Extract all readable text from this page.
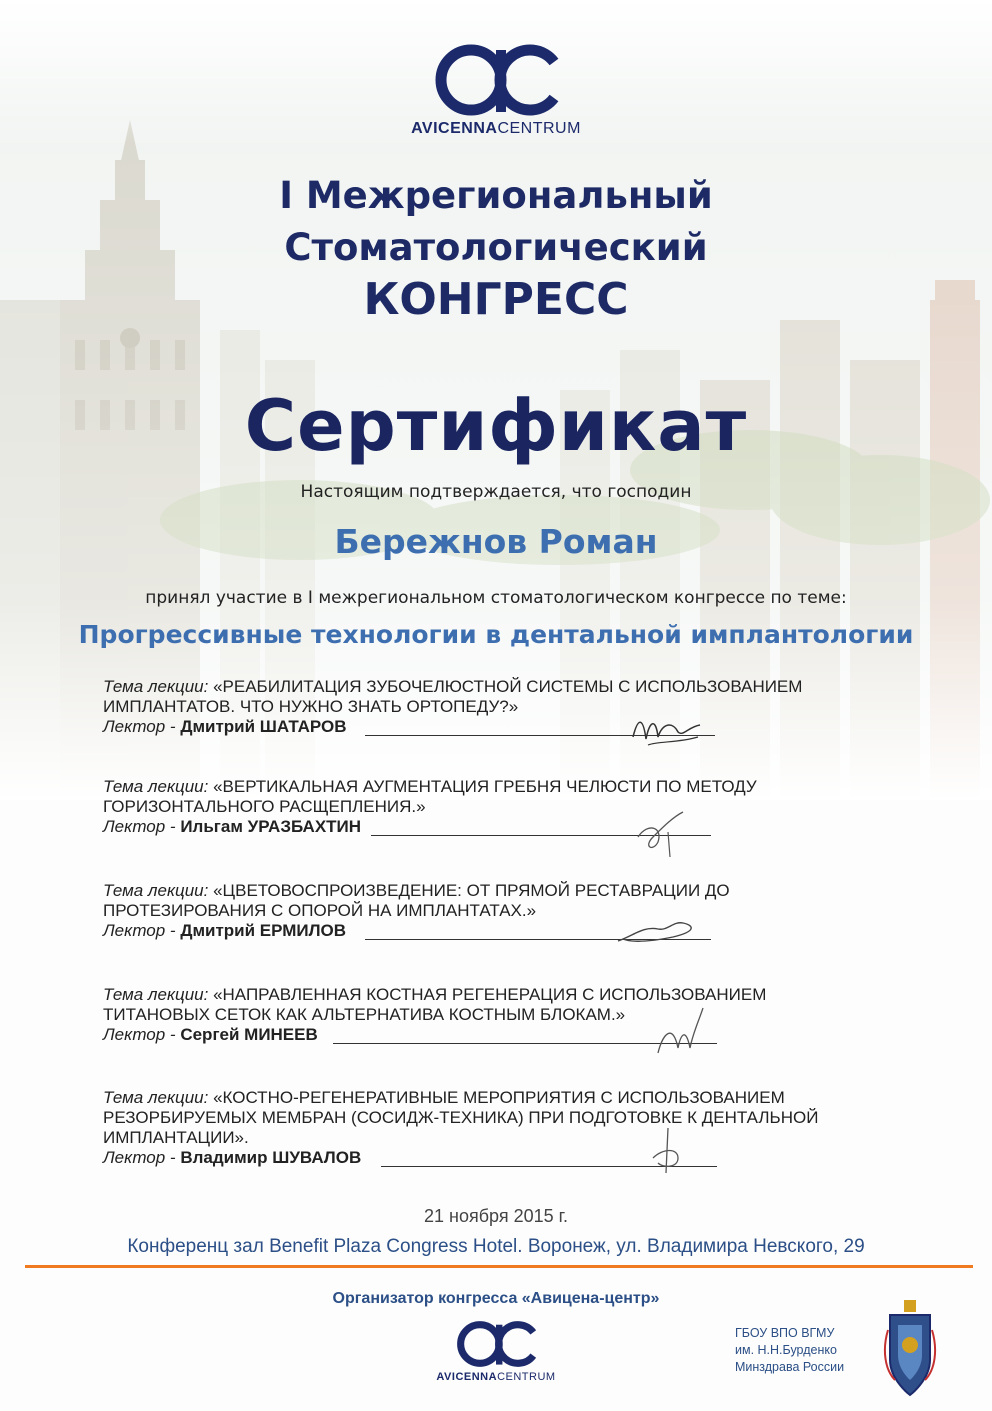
AVICENNACENTRUM
I Межрегиональный
Стоматологический
КОНГРЕСС
Сертификат
Настоящим подтверждается, что господин
Бережнов Роман
принял участие в I межрегиональном стоматологическом конгрессе по теме:
Прогрессивные технологии в дентальной имплантологии
Тема лекции: «РЕАБИЛИТАЦИЯ ЗУБОЧЕЛЮСТНОЙ СИСТЕМЫ С ИСПОЛЬЗОВАНИЕМ
ИМПЛАНТАТОВ. ЧТО НУЖНО ЗНАТЬ ОРТОПЕДУ?»
Лектор - Дмитрий ШАТАРОВ
Тема лекции: «ВЕРТИКАЛЬНАЯ АУГМЕНТАЦИЯ ГРЕБНЯ ЧЕЛЮСТИ ПО МЕТОДУ
ГОРИЗОНТАЛЬНОГО РАСЩЕПЛЕНИЯ.»
Лектор - Ильгам УРАЗБАХТИН
Тема лекции: «ЦВЕТОВОСПРОИЗВЕДЕНИЕ: ОТ ПРЯМОЙ РЕСТАВРАЦИИ ДО
ПРОТЕЗИРОВАНИЯ С ОПОРОЙ НА ИМПЛАНТАТАХ.»
Лектор - Дмитрий ЕРМИЛОВ
Тема лекции: «НАПРАВЛЕННАЯ КОСТНАЯ РЕГЕНЕРАЦИЯ С ИСПОЛЬЗОВАНИЕМ
ТИТАНОВЫХ СЕТОК КАК АЛЬТЕРНАТИВА КОСТНЫМ БЛОКАМ.»
Лектор - Сергей МИНЕЕВ
Тема лекции: «КОСТНО-РЕГЕНЕРАТИВНЫЕ МЕРОПРИЯТИЯ С ИСПОЛЬЗОВАНИЕМ
РЕЗОРБИРУЕМЫХ МЕМБРАН (СОСИДЖ-ТЕХНИКА) ПРИ ПОДГОТОВКЕ К ДЕНТАЛЬНОЙ
ИМПЛАНТАЦИИ».
Лектор - Владимир ШУВАЛОВ
21 ноября 2015 г.
Конференц зал Benefit Plaza Congress Hotel. Воронеж, ул. Владимира Невского, 29
Организатор конгресса «Авицена-центр»
AVICENNACENTRUM
ГБОУ ВПО ВГМУ
им. Н.Н.Бурденко
Минздрава России
